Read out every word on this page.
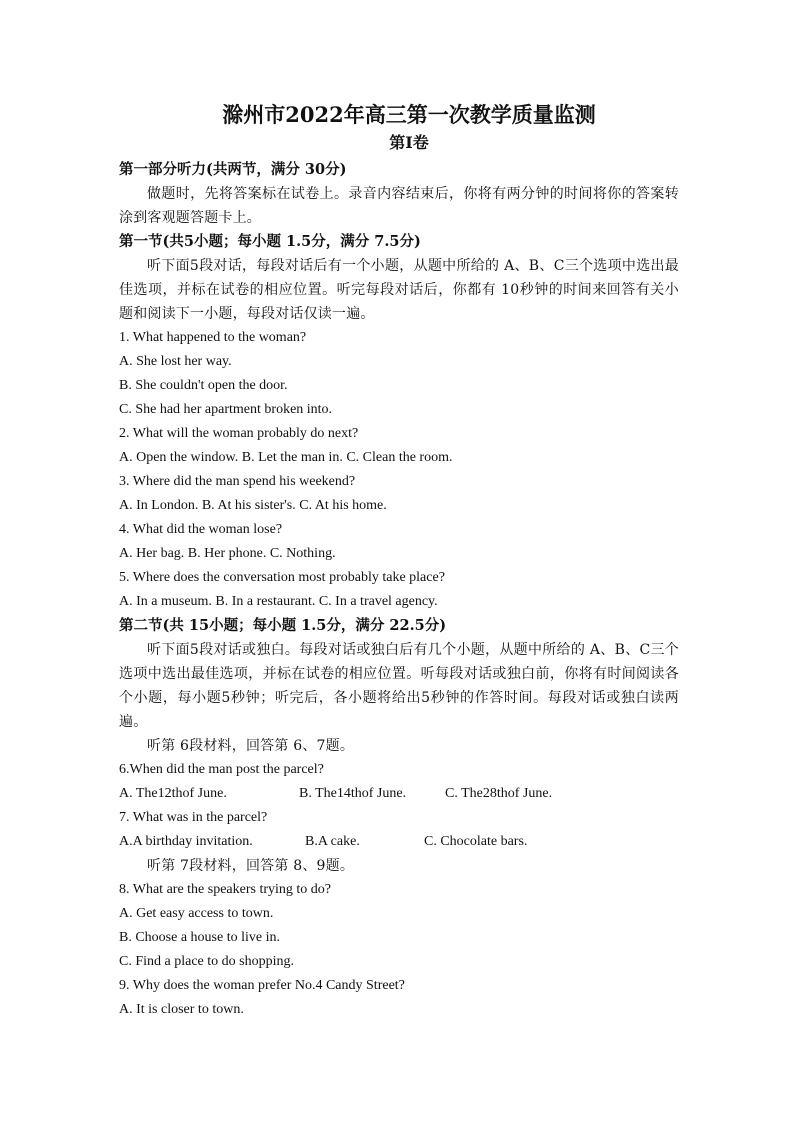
滁州市2022年高三第一次教学质量监测
第I卷

第一部分听力(共两节，满分 30分)

做题时，先将答案标在试卷上。录音内容结束后，你将有两分钟的时间将你的答案转涂到客观题答题卡上。

第一节(共5小题；每小题 1.5分，满分 7.5分)

听下面5段对话，每段对话后有一个小题，从题中所给的 A、B、C三个选项中选出最佳选项，并标在试卷的相应位置。听完每段对话后，你都有 10秒钟的时间来回答有关小题和阅读下一小题，每段对话仅读一遍。

1. What happened to the woman?

A. She lost her way.

B. She couldn't open the door.

C. She had her apartment broken into.

2. What will the woman probably do next?

A. Open the window. B. Let the man in. C. Clean the room.

3. Where did the man spend his weekend?

A. In London. B. At his sister's. C. At his home.

4. What did the woman lose?

A. Her bag. B. Her phone. C. Nothing.

5. Where does the conversation most probably take place?

A. In a museum. B. In a restaurant. C. In a travel agency.

第二节(共 15小题；每小题 1.5分，满分 22.5分)

听下面5段对话或独白。每段对话或独白后有几个小题，从题中所给的 A、B、C三个选项中选出最佳选项，并标在试卷的相应位置。听每段对话或独白前，你将有时间阅读各个小题，每小题5秒钟；听完后，各小题将给出5秒钟的作答时间。每段对话或独白读两遍。

听第 6段材料，回答第 6、7题。

6.When did the man post the parcel?

A. The12thof June.	B. The14thof June.	C. The28thof June.

7. What was in the parcel?

A.A birthday invitation.	B.A cake.	C. Chocolate bars.

听第 7段材料，回答第 8、9题。

8. What are the speakers trying to do?

A. Get easy access to town.

B. Choose a house to live in.

C. Find a place to do shopping.

9. Why does the woman prefer No.4 Candy Street?

A. It is closer to town.
